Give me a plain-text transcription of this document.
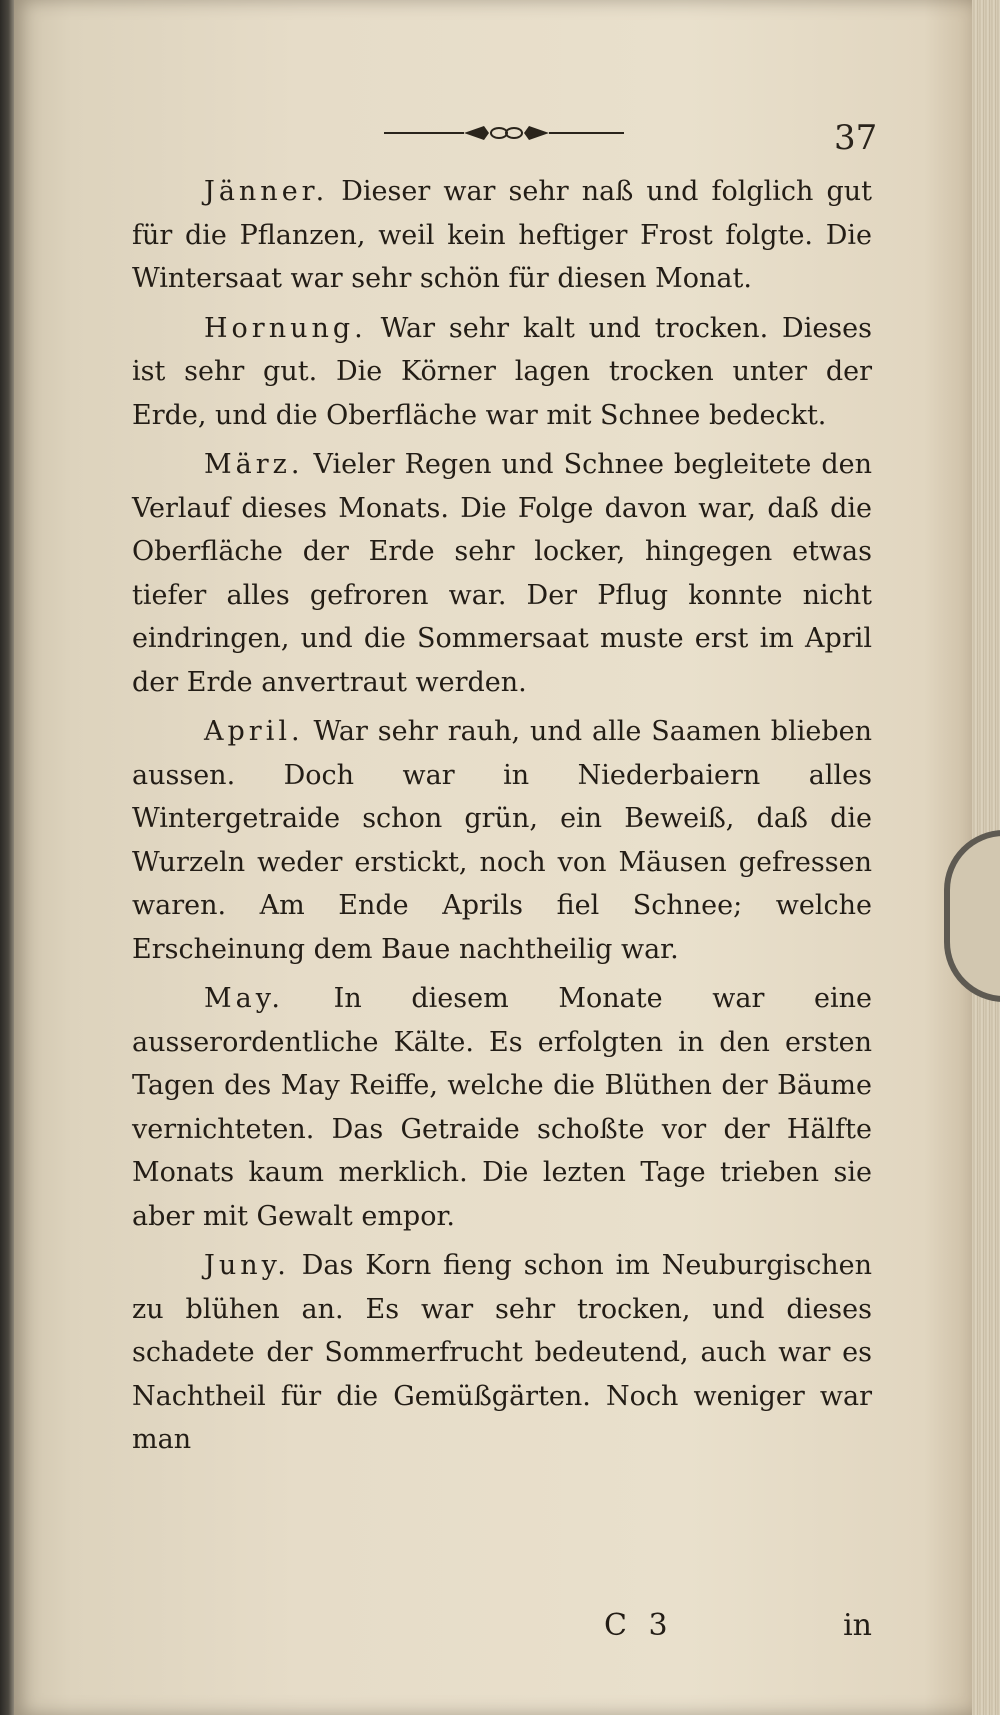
37

Jänner. Dieser war sehr naß und folglich gut für die Pflanzen, weil kein heftiger Frost folgte. Die Wintersaat war sehr schön für diesen Monat.

Hornung. War sehr kalt und trocken. Dieses ist sehr gut. Die Körner lagen trocken unter der Erde, und die Oberfläche war mit Schnee bedeckt.

März. Vieler Regen und Schnee begleitete den Verlauf dieses Monats. Die Folge davon war, daß die Oberfläche der Erde sehr locker, hingegen etwas tiefer alles gefroren war. Der Pflug konnte nicht eindringen, und die Sommersaat muste erst im April der Erde anvertraut werden.

April. War sehr rauh, und alle Saamen blieben aussen. Doch war in Niederbaiern alles Wintergetraide schon grün, ein Beweiß, daß die Wurzeln weder erstickt, noch von Mäusen gefressen waren. Am Ende Aprils fiel Schnee; welche Erscheinung dem Baue nachtheilig war.

May. In diesem Monate war eine ausserordentliche Kälte. Es erfolgten in den ersten Tagen des May Reiffe, welche die Blüthen der Bäume vernichteten. Das Getraide schoßte vor der Hälfte Monats kaum merklich. Die lezten Tage trieben sie aber mit Gewalt empor.

Juny. Das Korn fieng schon im Neuburgischen zu blühen an. Es war sehr trocken, und dieses schadete der Sommerfrucht bedeutend, auch war es Nachtheil für die Gemüßgärten. Noch weniger war man

C 3	in
